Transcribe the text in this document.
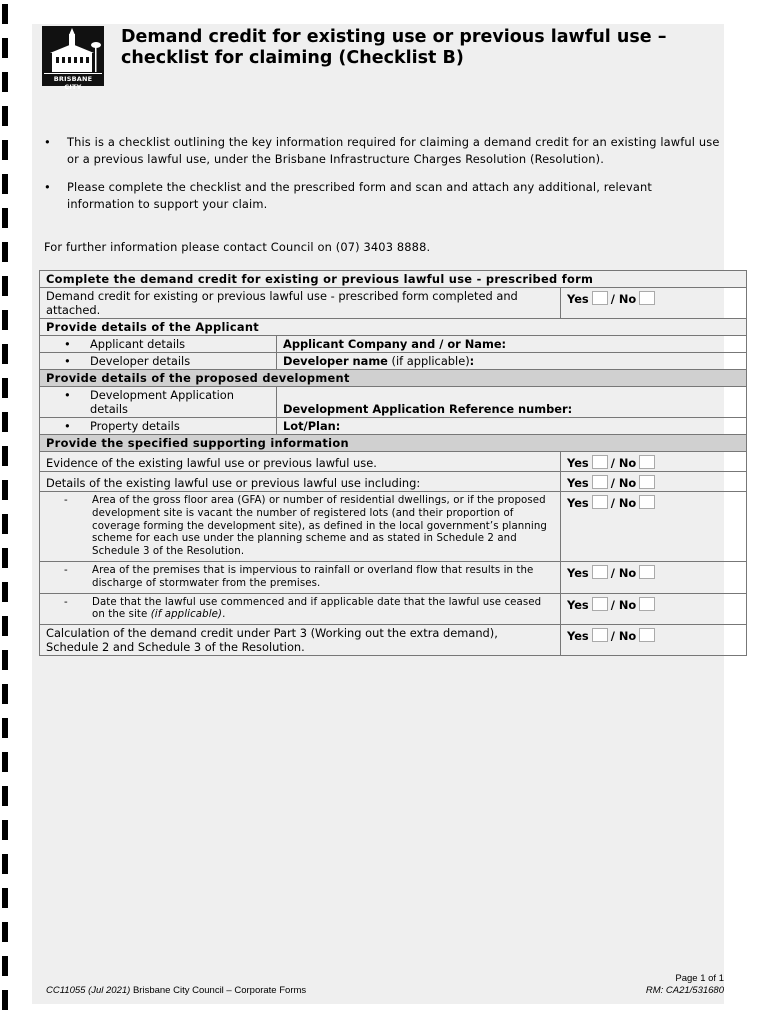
BRISBANE CITY
Demand credit for existing use or previous lawful use – checklist for claiming (Checklist B)
•	This is a checklist outlining the key information required for claiming a demand credit for an existing lawful use or a previous lawful use, under the Brisbane Infrastructure Charges Resolution (Resolution).
•	Please complete the checklist and the prescribed form and scan and attach any additional, relevant information to support your claim.
For further information please contact Council on (07) 3403 8888.
Complete the demand credit for existing or previous lawful use - prescribed form		
Demand credit for existing or previous lawful use - prescribed form completed and attached.		Yes / No
Provide details of the Applicant		

• Applicant details	Applicant Company and / or Name:	

• Developer details	Developer name (if applicable):	
Provide details of the proposed development		

• Development Application details	Development Application Reference number:	

• Property details	Lot/Plan:	
Provide the specified supporting information		
Evidence of the existing lawful use or previous lawful use.		Yes / No
Details of the existing lawful use or previous lawful use including:		Yes / No

- Area of the gross floor area (GFA) or number of residential dwellings, or if the proposed development site is vacant the number of registered lots (and their proportion of coverage forming the development site), as defined in the local government’s planning scheme for each use under the planning scheme and as stated in Schedule 2 and Schedule 3 of the Resolution.		Yes / No

- Area of the premises that is impervious to rainfall or overland flow that results in the discharge of stormwater from the premises.		Yes / No

- Date that the lawful use commenced and if applicable date that the lawful use ceased on the site (if applicable).		Yes / No
Calculation of the demand credit under Part 3 (Working out the extra demand), Schedule 2 and Schedule 3 of the Resolution.		Yes / No
CC11055 (Jul 2021) Brisbane City Council – Corporate Forms
Page 1 of 1
RM: CA21/531680
